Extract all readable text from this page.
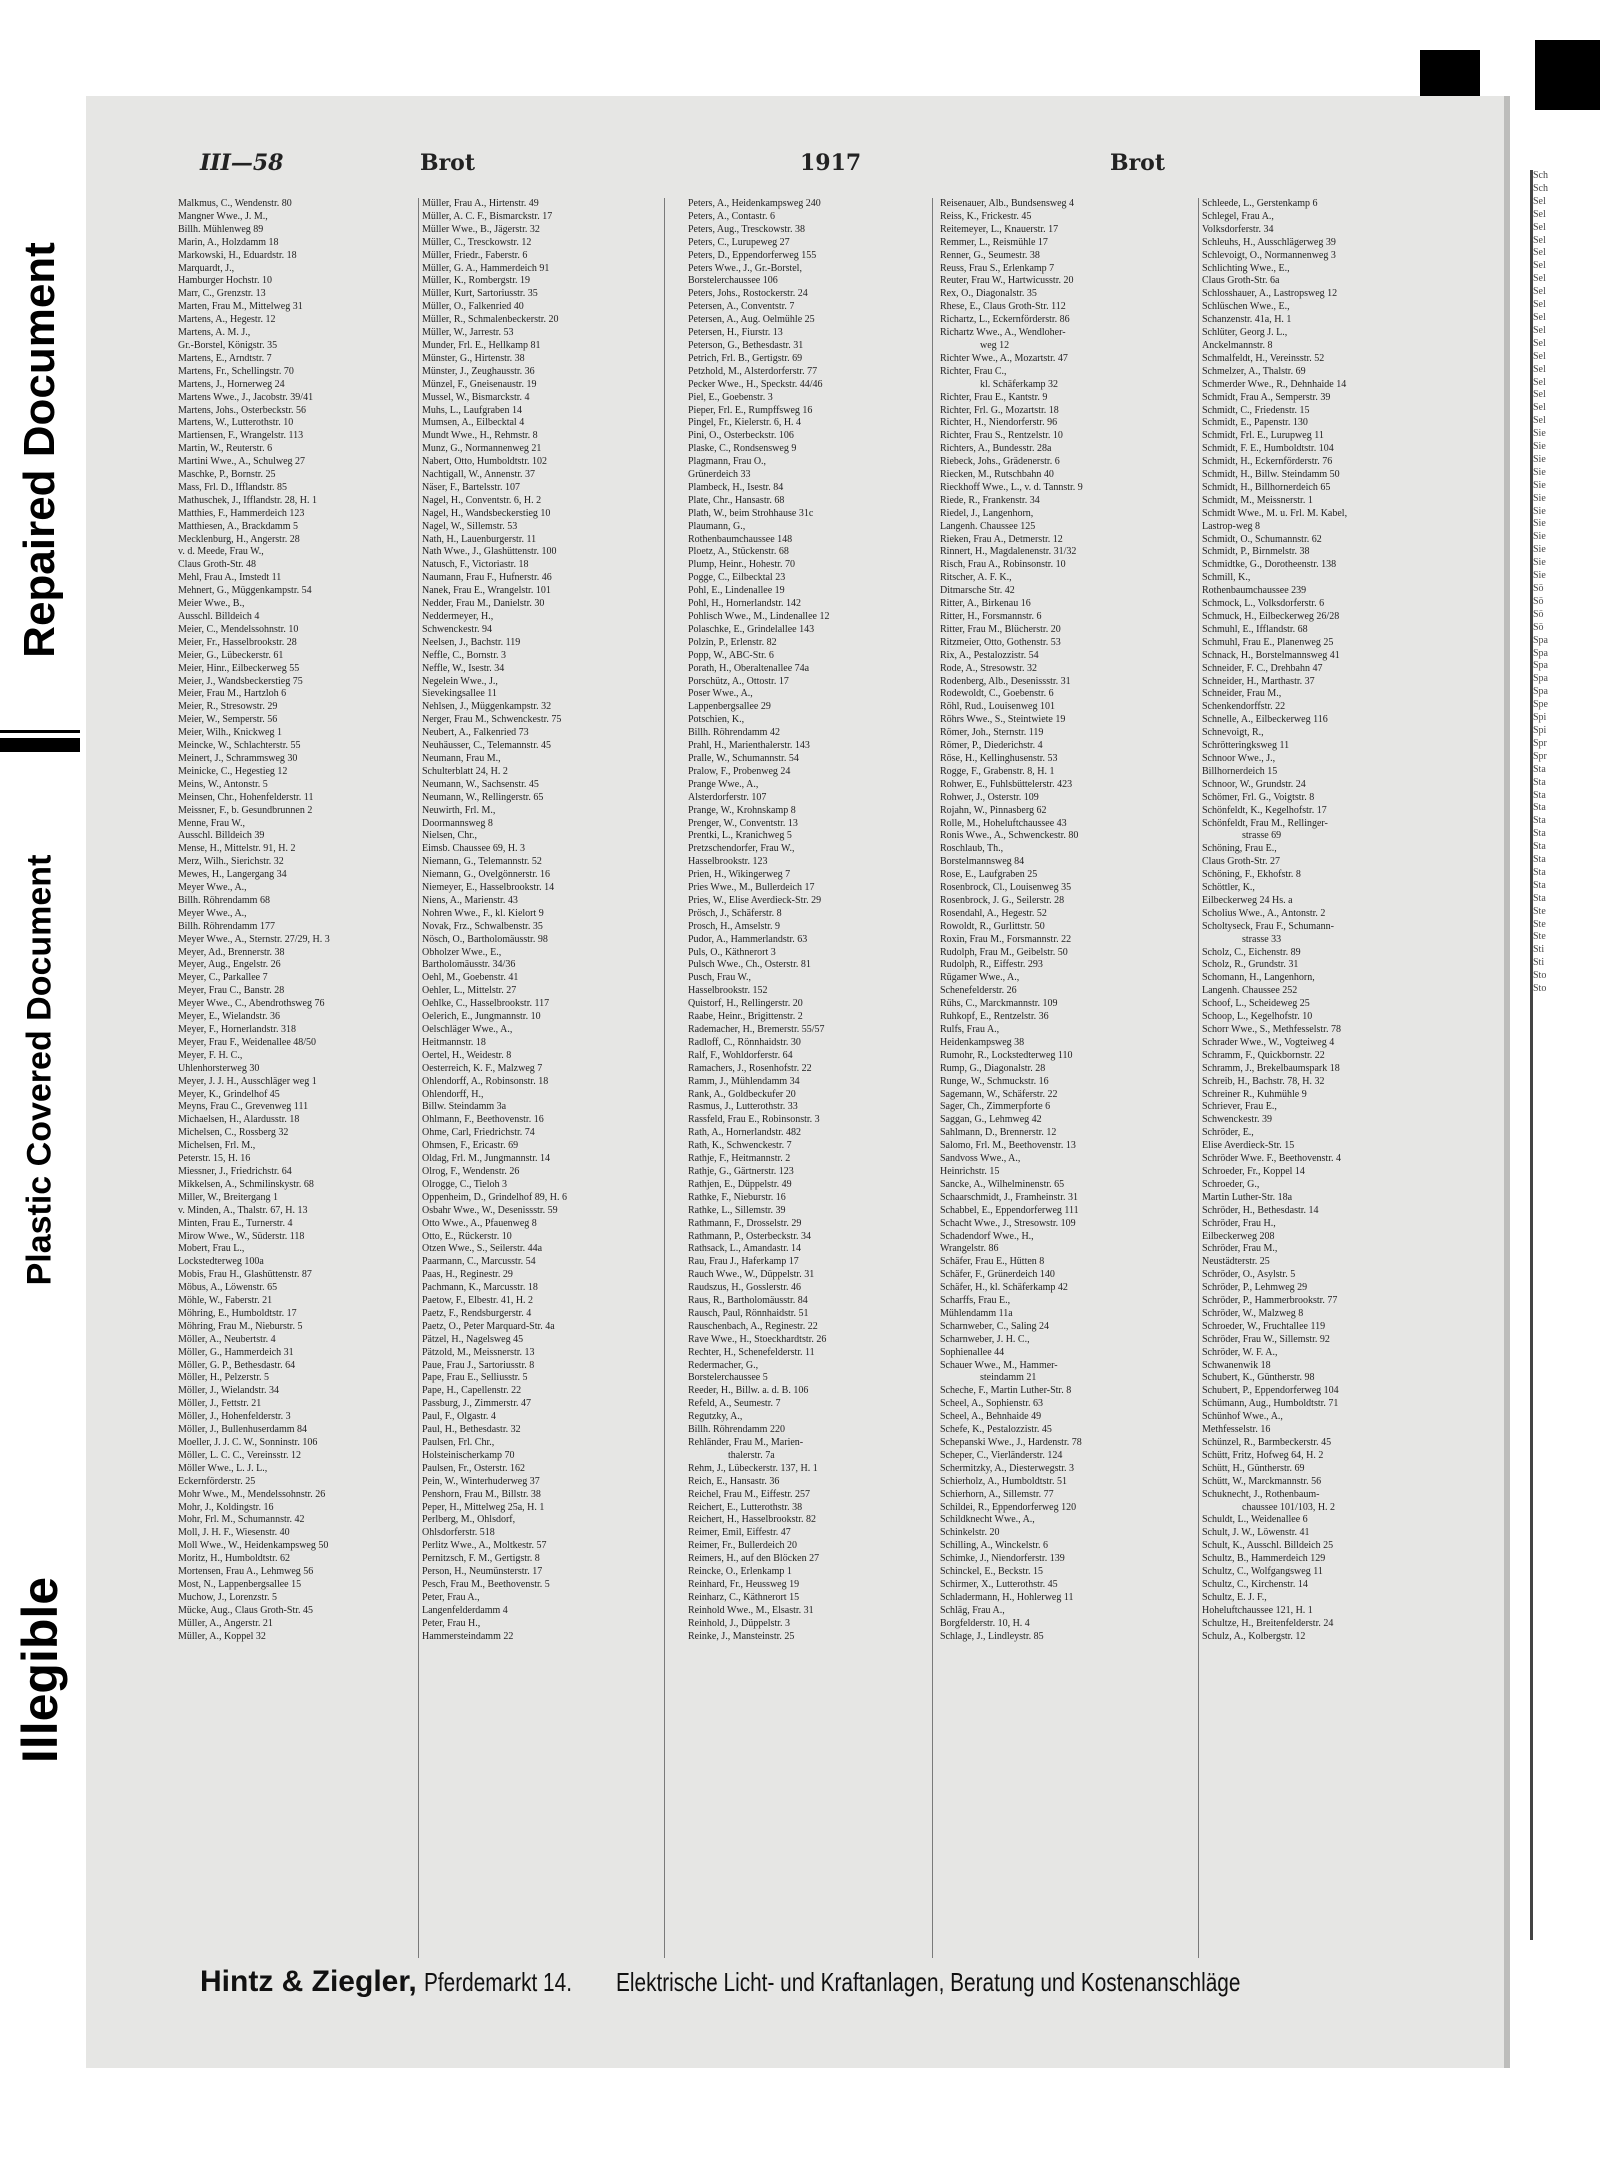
Repaired Document
Plastic Covered Document
Illegible
III—58	Brot	1917	Brot
Malkmus, C., Wendenstr. 80
Mangner Wwe., J. M.,
Billh. Mühlenweg 89
Marin, A., Holzdamm 18
Markowski, H., Eduardstr. 18
Marquardt, J.,
Hamburger Hochstr. 10
Marr, C., Grenzstr. 13
Marten, Frau M., Mittelweg 31
Martens, A., Hegestr. 12
Martens, A. M. J.,
Gr.-Borstel, Königstr. 35
Martens, E., Arndtstr. 7
Martens, Fr., Schellingstr. 70
Martens, J., Hornerweg 24
Martens Wwe., J., Jacobstr. 39/41
Martens, Johs., Osterbeckstr. 56
Martens, W., Lutterothstr. 10
Martiensen, F., Wrangelstr. 113
Martin, W., Reuterstr. 6
Martini Wwe., A., Schulweg 27
Maschke, P., Bornstr. 25
Mass, Frl. D., Ifflandstr. 85
Mathuschek, J., Ifflandstr. 28, H. 1
Matthies, F., Hammerdeich 123
Matthiesen, A., Brackdamm 5
Mecklenburg, H., Angerstr. 28
v. d. Meede, Frau W.,
Claus Groth-Str. 48
Mehl, Frau A., Imstedt 11
Mehnert, G., Müggenkampstr. 54
Meier Wwe., B.,
Ausschl. Billdeich 4
Meier, C., Mendelssohnstr. 10
Meier, Fr., Hasselbrookstr. 28
Meier, G., Lübeckerstr. 61
Meier, Hinr., Eilbeckerweg 55
Meier, J., Wandsbeckerstieg 75
Meier, Frau M., Hartzloh 6
Meier, R., Stresowstr. 29
Meier, W., Semperstr. 56
Meier, Wilh., Knickweg 1
Meincke, W., Schlachterstr. 55
Meinert, J., Schrammsweg 30
Meinicke, C., Hegestieg 12
Meins, W., Antonstr. 5
Meinsen, Chr., Hohenfelderstr. 11
Meissner, F., b. Gesundbrunnen 2
Menne, Frau W.,
Ausschl. Billdeich 39
Mense, H., Mittelstr. 91, H. 2
Merz, Wilh., Sierichstr. 32
Mewes, H., Langergang 34
Meyer Wwe., A.,
Billh. Röhrendamm 68
Meyer Wwe., A.,
Billh. Röhrendamm 177
Meyer Wwe., A., Sternstr. 27/29, H. 3
Meyer, Ad., Brennerstr. 38
Meyer, Aug., Engelstr. 26
Meyer, C., Parkallee 7
Meyer, Frau C., Banstr. 28
Meyer Wwe., C., Abendrothsweg 76
Meyer, E., Wielandstr. 36
Meyer, F., Hornerlandstr. 318
Meyer, Frau F., Weidenallee 48/50
Meyer, F. H. C.,
Uhlenhorsterweg 30
Meyer, J. J. H., Ausschläger weg 1
Meyer, K., Grindelhof 45
Meyns, Frau C., Grevenweg 111
Michaelsen, H., Alardusstr. 18
Michelsen, C., Rossberg 32
Michelsen, Frl. M.,
Peterstr. 15, H. 16
Miessner, J., Friedrichstr. 64
Mikkelsen, A., Schmilinskystr. 68
Miller, W., Breitergang 1
v. Minden, A., Thalstr. 67, H. 13
Minten, Frau E., Turnerstr. 4
Mirow Wwe., W., Süderstr. 118
Mobert, Frau L.,
Lockstedterweg 100a
Mobis, Frau H., Glashüttenstr. 87
Möbus, A., Löwenstr. 65
Möhle, W., Faberstr. 21
Möhring, E., Humboldtstr. 17
Möhring, Frau M., Nieburstr. 5
Möller, A., Neubertstr. 4
Möller, G., Hammerdeich 31
Möller, G. P., Bethesdastr. 64
Möller, H., Pelzerstr. 5
Möller, J., Wielandstr. 34
Möller, J., Fettstr. 21
Möller, J., Hohenfelderstr. 3
Möller, J., Bullenhuserdamm 84
Moeller, J. J. C. W., Sonninstr. 106
Möller, L. C. C., Vereinsstr. 12
Möller Wwe., L. J. L.,
Eckernförderstr. 25
Mohr Wwe., M., Mendelssohnstr. 26
Mohr, J., Koldingstr. 16
Mohr, Frl. M., Schumannstr. 42
Moll, J. H. F., Wiesenstr. 40
Moll Wwe., W., Heidenkampsweg 50
Moritz, H., Humboldtstr. 62
Mortensen, Frau A., Lehmweg 56
Most, N., Lappenbergsallee 15
Muchow, J., Lorenzstr. 5
Mücke, Aug., Claus Groth-Str. 45
Müller, A., Angerstr. 21
Müller, A., Koppel 32
Müller, Frau A., Hirtenstr. 49
Müller, A. C. F., Bismarckstr. 17
Müller Wwe., B., Jägerstr. 32
Müller, C., Tresckowstr. 12
Müller, Friedr., Faberstr. 6
Müller, G. A., Hammerdeich 91
Müller, K., Rombergstr. 19
Müller, Kurt, Sartoriusstr. 35
Müller, O., Falkenried 40
Müller, R., Schmalenbeckerstr. 20
Müller, W., Jarrestr. 53
Munder, Frl. E., Hellkamp 81
Münster, G., Hirtenstr. 38
Münster, J., Zeughausstr. 36
Münzel, F., Gneisenaustr. 19
Mussel, W., Bismarckstr. 4
Muhs, L., Laufgraben 14
Mumsen, A., Eilbecktal 4
Mundt Wwe., H., Rehmstr. 8
Munz, G., Normannenweg 21
Nabert, Otto, Humboldtstr. 102
Nachtigall, W., Annenstr. 37
Näser, F., Bartelsstr. 107
Nagel, H., Conventstr. 6, H. 2
Nagel, H., Wandsbeckerstieg 10
Nagel, W., Sillemstr. 53
Nath, H., Lauenburgerstr. 11
Nath Wwe., J., Glashüttenstr. 100
Natusch, F., Victoriastr. 18
Naumann, Frau F., Hufnerstr. 46
Nanek, Frau E., Wrangelstr. 101
Nedder, Frau M., Danielstr. 30
Neddermeyer, H.,
Schwenckestr. 94
Neelsen, J., Bachstr. 119
Neffle, C., Bornstr. 3
Neffle, W., Isestr. 34
Negelein Wwe., J.,
Sievekingsallee 11
Nehlsen, J., Müggenkampstr. 32
Nerger, Frau M., Schwenckestr. 75
Neubert, A., Falkenried 73
Neuhäusser, C., Telemannstr. 45
Neumann, Frau M.,
Schulterblatt 24, H. 2
Neumann, W., Sachsenstr. 45
Neumann, W., Rellingerstr. 65
Neuwirth, Frl. M.,
Doormannsweg 8
Nielsen, Chr.,
Eimsb. Chaussee 69, H. 3
Niemann, G., Telemannstr. 52
Niemann, G., Ovelgönnerstr. 16
Niemeyer, E., Hasselbrookstr. 14
Niens, A., Marienstr. 43
Nohren Wwe., F., kl. Kielort 9
Novak, Frz., Schwalbenstr. 35
Nösch, O., Bartholomäusstr. 98
Obholzer Wwe., E.,
Bartholomäusstr. 34/36
Oehl, M., Goebenstr. 41
Oehler, L., Mittelstr. 27
Oehlke, C., Hasselbrookstr. 117
Oelerich, E., Jungmannstr. 10
Oelschläger Wwe., A.,
Heitmannstr. 18
Oertel, H., Weidestr. 8
Oesterreich, K. F., Malzweg 7
Ohlendorff, A., Robinsonstr. 18
Ohlendorff, H.,
Billw. Steindamm 3a
Ohlmann, F., Beethovenstr. 16
Ohme, Carl, Friedrichstr. 74
Ohmsen, F., Ericastr. 69
Oldag, Frl. M., Jungmannstr. 14
Olrog, F., Wendenstr. 26
Olrogge, C., Tieloh 3
Oppenheim, D., Grindelhof 89, H. 6
Osbahr Wwe., W., Desenissstr. 59
Otto Wwe., A., Pfauenweg 8
Otto, E., Rückerstr. 10
Otzen Wwe., S., Seilerstr. 44a
Paarmann, C., Marcusstr. 54
Paas, H., Reginestr. 29
Pachmann, K., Marcusstr. 18
Paetow, F., Elbestr. 41, H. 2
Paetz, F., Rendsburgerstr. 4
Paetz, O., Peter Marquard-Str. 4a
Pätzel, H., Nagelsweg 45
Pätzold, M., Meissnerstr. 13
Paue, Frau J., Sartoriusstr. 8
Pape, Frau E., Selliusstr. 5
Pape, H., Capellenstr. 22
Passburg, J., Zimmerstr. 47
Paul, F., Olgastr. 4
Paul, H., Bethesdastr. 32
Paulsen, Frl. Chr.,
Holsteinischerkamp 70
Paulsen, Fr., Osterstr. 162
Pein, W., Winterhuderweg 37
Penshorn, Frau M., Billstr. 38
Peper, H., Mittelweg 25a, H. 1
Perlberg, M., Ohlsdorf,
Ohlsdorferstr. 518
Perlitz Wwe., A., Moltkestr. 57
Pernitzsch, F. M., Gertigstr. 8
Person, H., Neumünsterstr. 17
Pesch, Frau M., Beethovenstr. 5
Peter, Frau A.,
Langenfelderdamm 4
Peter, Frau H.,
Hammersteindamm 22
Peters, A., Heidenkampsweg 240
Peters, A., Contastr. 6
Peters, Aug., Tresckowstr. 38
Peters, C., Lurupeweg 27
Peters, D., Eppendorferweg 155
Peters Wwe., J., Gr.-Borstel,
Borstelerchaussee 106
Peters, Johs., Rostockerstr. 24
Petersen, A., Conventstr. 7
Petersen, A., Aug. Oelmühle 25
Petersen, H., Fiurstr. 13
Peterson, G., Bethesdastr. 31
Petrich, Frl. B., Gertigstr. 69
Petzhold, M., Alsterdorferstr. 77
Pecker Wwe., H., Speckstr. 44/46
Piel, E., Goebenstr. 3
Pieper, Frl. E., Rumpffsweg 16
Pingel, Fr., Kielerstr. 6, H. 4
Pini, O., Osterbeckstr. 106
Plaske, C., Rondsensweg 9
Plagmann, Frau O.,
Grünerdeich 33
Plambeck, H., Isestr. 84
Plate, Chr., Hansastr. 68
Plath, W., beim Strohhause 31c
Plaumann, G.,
Rothenbaumchaussee 148
Ploetz, A., Stückenstr. 68
Plump, Heinr., Hohestr. 70
Pogge, C., Eilbecktal 23
Pohl, E., Lindenallee 19
Pohl, H., Hornerlandstr. 142
Pohlisch Wwe., M., Lindenallee 12
Polaschke, E., Grindelallee 143
Polzin, P., Erlenstr. 82
Popp, W., ABC-Str. 6
Porath, H., Oberaltenallee 74a
Porschütz, A., Ottostr. 17
Poser Wwe., A.,
Lappenbergsallee 29
Potschien, K.,
Billh. Röhrendamm 42
Prahl, H., Marienthalerstr. 143
Pralle, W., Schumannstr. 54
Pralow, F., Probenweg 24
Prange Wwe., A.,
Alsterdorferstr. 107
Prange, W., Krohnskamp 8
Prenger, W., Conventstr. 13
Prentki, L., Kranichweg 5
Pretzschendorfer, Frau W.,
Hasselbrookstr. 123
Prien, H., Wikingerweg 7
Pries Wwe., M., Bullerdeich 17
Pries, W., Elise Averdieck-Str. 29
Prösch, J., Schäferstr. 8
Prosch, H., Amselstr. 9
Pudor, A., Hammerlandstr. 63
Puls, O., Käthnerort 3
Pulsch Wwe., Ch., Osterstr. 81
Pusch, Frau W.,
Hasselbrookstr. 152
Quistorf, H., Rellingerstr. 20
Raabe, Heinr., Brigittenstr. 2
Rademacher, H., Bremerstr. 55/57
Radloff, C., Rönnhaidstr. 30
Ralf, F., Wohldorferstr. 64
Ramachers, J., Rosenhofstr. 22
Ramm, J., Mühlendamm 34
Rank, A., Goldbeckufer 20
Rasmus, J., Lutterothstr. 33
Rassfeld, Frau E., Robinsonstr. 3
Rath, A., Hornerlandstr. 482
Rath, K., Schwenckestr. 7
Rathje, F., Heitmannstr. 2
Rathje, G., Gärtnerstr. 123
Rathjen, E., Düppelstr. 49
Rathke, F., Nieburstr. 16
Rathke, L., Sillemstr. 39
Rathmann, F., Drosselstr. 29
Rathmann, P., Osterbeckstr. 34
Rathsack, L., Amandastr. 14
Rau, Frau J., Haferkamp 17
Rauch Wwe., W., Düppelstr. 31
Raudszus, H., Gosslerstr. 46
Raus, R., Bartholomäusstr. 84
Rausch, Paul, Rönnhaidstr. 51
Rauschenbach, A., Reginestr. 22
Rave Wwe., H., Stoeckhardtstr. 26
Rechter, H., Schenefelderstr. 11
Redermacher, G.,
Borstelerchaussee 5
Reeder, H., Billw. a. d. B. 106
Refeld, A., Seumestr. 7
Regutzky, A.,
Billh. Röhrendamm 220
Rehländer, Frau M., Marien-
thalerstr. 7a
Rehm, J., Lübeckerstr. 137, H. 1
Reich, E., Hansastr. 36
Reichel, Frau M., Eiffestr. 257
Reichert, E., Lutterothstr. 38
Reichert, H., Hasselbrookstr. 82
Reimer, Emil, Eiffestr. 47
Reimer, Fr., Bullerdeich 20
Reimers, H., auf den Blöcken 27
Reincke, O., Erlenkamp 1
Reinhard, Fr., Heussweg 19
Reinharz, C., Käthnerort 15
Reinhold Wwe., M., Elsastr. 31
Reinhold, J., Düppelstr. 3
Reinke, J., Mansteinstr. 25
Reisenauer, Alb., Bundsensweg 4
Reiss, K., Frickestr. 45
Reitemeyer, L., Knauerstr. 17
Remmer, L., Reismühle 17
Renner, G., Seumestr. 38
Reuss, Frau S., Erlenkamp 7
Reuter, Frau W., Hartwicusstr. 20
Rex, O., Diagonalstr. 35
Rhese, E., Claus Groth-Str. 112
Richartz, L., Eckernförderstr. 86
Richartz Wwe., A., Wendloher-
weg 12
Richter Wwe., A., Mozartstr. 47
Richter, Frau C.,
kl. Schäferkamp 32
Richter, Frau E., Kantstr. 9
Richter, Frl. G., Mozartstr. 18
Richter, H., Niendorferstr. 96
Richter, Frau S., Rentzelstr. 10
Richters, A., Bundesstr. 28a
Riebeck, Johs., Grädenerstr. 6
Riecken, M., Rutschbahn 40
Rieckhoff Wwe., L., v. d. Tannstr. 9
Riede, R., Frankenstr. 34
Riedel, J., Langenhorn,
Langenh. Chaussee 125
Rieken, Frau A., Detmerstr. 12
Rinnert, H., Magdalenenstr. 31/32
Risch, Frau A., Robinsonstr. 10
Ritscher, A. F. K.,
Ditmarsche Str. 42
Ritter, A., Birkenau 16
Ritter, H., Forsmannstr. 6
Ritter, Frau M., Blücherstr. 20
Ritzmeier, Otto, Gothenstr. 53
Rix, A., Pestalozzistr. 54
Rode, A., Stresowstr. 32
Rodenberg, Alb., Desenissstr. 31
Rodewoldt, C., Goebenstr. 6
Röhl, Rud., Louisenweg 101
Röhrs Wwe., S., Steintwiete 19
Römer, Joh., Sternstr. 119
Römer, P., Diederichstr. 4
Röse, H., Kellinghusenstr. 53
Rogge, F., Grabenstr. 8, H. 1
Rohwer, E., Fuhlsbüttelerstr. 423
Rohwer, J., Osterstr. 109
Rojahn, W., Pinnasberg 62
Rolle, M., Hoheluftchaussee 43
Ronis Wwe., A., Schwenckestr. 80
Roschlaub, Th.,
Borstelmannsweg 84
Rose, E., Laufgraben 25
Rosenbrock, Cl., Louisenweg 35
Rosenbrock, J. G., Seilerstr. 28
Rosendahl, A., Hegestr. 52
Rowoldt, R., Gurlittstr. 50
Roxin, Frau M., Forsmannstr. 22
Rudolph, Frau M., Geibelstr. 50
Rudolph, R., Eiffestr. 293
Rügamer Wwe., A.,
Schenefelderstr. 26
Rühs, C., Marckmannstr. 109
Ruhkopf, E., Rentzelstr. 36
Rulfs, Frau A.,
Heidenkampsweg 38
Rumohr, R., Lockstedterweg 110
Rump, G., Diagonalstr. 28
Runge, W., Schmuckstr. 16
Sagemann, W., Schäferstr. 22
Sager, Ch., Zimmerpforte 6
Saggan, G., Lehmweg 42
Sahlmann, D., Brennerstr. 12
Salomo, Frl. M., Beethovenstr. 13
Sandvoss Wwe., A.,
Heinrichstr. 15
Sancke, A., Wilhelminenstr. 65
Schaarschmidt, J., Framheinstr. 31
Schabbel, E., Eppendorferweg 111
Schacht Wwe., J., Stresowstr. 109
Schadendorf Wwe., H.,
Wrangelstr. 86
Schäfer, Frau E., Hütten 8
Schäfer, F., Grünerdeich 140
Schäfer, H., kl. Schäferkamp 42
Scharffs, Frau E.,
Mühlendamm 11a
Scharnweber, C., Saling 24
Scharnweber, J. H. C.,
Sophienallee 44
Schauer Wwe., M., Hammer-
steindamm 21
Scheche, F., Martin Luther-Str. 8
Scheel, A., Sophienstr. 63
Scheel, A., Behnhaide 49
Schefe, K., Pestalozzistr. 45
Schepanski Wwe., J., Hardenstr. 78
Scheper, C., Vierländerstr. 124
Schermitzky, A., Diesterwegstr. 3
Schierholz, A., Humboldtstr. 51
Schierhorn, A., Sillemstr. 77
Schildei, R., Eppendorferweg 120
Schildknecht Wwe., A.,
Schinkelstr. 20
Schilling, A., Winckelstr. 6
Schimke, J., Niendorferstr. 139
Schinckel, E., Beckstr. 15
Schirmer, X., Lutterothstr. 45
Schladermann, H., Hohlerweg 11
Schläg, Frau A.,
Borgfelderstr. 10, H. 4
Schlage, J., Lindleystr. 85
Schleede, L., Gerstenkamp 6
Schlegel, Frau A.,
Volksdorferstr. 34
Schleuhs, H., Ausschlägerweg 39
Schlevoigt, O., Normannenweg 3
Schlichting Wwe., E.,
Claus Groth-Str. 6a
Schlosshauer, A., Lastropsweg 12
Schlüschen Wwe., E.,
Schanzenstr. 41a, H. 1
Schlüter, Georg J. L.,
Anckelmannstr. 8
Schmalfeldt, H., Vereinsstr. 52
Schmelzer, A., Thalstr. 69
Schmerder Wwe., R., Dehnhaide 14
Schmidt, Frau A., Semperstr. 39
Schmidt, C., Friedenstr. 15
Schmidt, E., Papenstr. 130
Schmidt, Frl. E., Lurupweg 11
Schmidt, F. E., Humboldtstr. 104
Schmidt, H., Eckernförderstr. 76
Schmidt, H., Billw. Steindamm 50
Schmidt, H., Billhornerdeich 65
Schmidt, M., Meissnerstr. 1
Schmidt Wwe., M. u. Frl. M. Kabel,
Lastrop-weg 8
Schmidt, O., Schumannstr. 62
Schmidt, P., Birnmelstr. 38
Schmidtke, G., Dorotheenstr. 138
Schmill, K.,
Rothenbaumchaussee 239
Schmock, L., Volksdorferstr. 6
Schmuck, H., Eilbeckerweg 26/28
Schmuhl, E., Ifflandstr. 68
Schmuhl, Frau E., Planenweg 25
Schnack, H., Borstelmannsweg 41
Schneider, F. C., Drehbahn 47
Schneider, H., Marthastr. 37
Schneider, Frau M.,
Schenkendorffstr. 22
Schnelle, A., Eilbeckerweg 116
Schnevoigt, R.,
Schrötteringksweg 11
Schnoor Wwe., J.,
Billhornerdeich 15
Schnoor, W., Grundstr. 24
Schömer, Frl. G., Voigtstr. 8
Schönfeldt, K., Kegelhofstr. 17
Schönfeldt, Frau M., Rellinger-
strasse 69
Schöning, Frau E.,
Claus Groth-Str. 27
Schöning, F., Ekhofstr. 8
Schöttler, K.,
Eilbeckerweg 24 Hs. a
Scholius Wwe., A., Antonstr. 2
Scholtyseck, Frau F., Schumann-
strasse 33
Scholz, C., Eichenstr. 89
Scholz, R., Grundstr. 31
Schomann, H., Langenhorn,
Langenh. Chaussee 252
Schoof, L., Scheideweg 25
Schoop, L., Kegelhofstr. 10
Schorr Wwe., S., Methfesselstr. 78
Schrader Wwe., W., Vogteiweg 4
Schramm, F., Quickbornstr. 22
Schramm, J., Brekelbaumspark 18
Schreib, H., Bachstr. 78, H. 32
Schreiner R., Kuhmühle 9
Schriever, Frau E.,
Schwenckestr. 39
Schröder, E.,
Elise Averdieck-Str. 15
Schröder Wwe. F., Beethovenstr. 4
Schroeder, Fr., Koppel 14
Schroeder, G.,
Martin Luther-Str. 18a
Schröder, H., Bethesdastr. 14
Schröder, Frau H.,
Eilbeckerweg 208
Schröder, Frau M.,
Neustädterstr. 25
Schröder, O., Asylstr. 5
Schröder, P., Lehmweg 29
Schröder, P., Hammerbrookstr. 77
Schröder, W., Malzweg 8
Schroeder, W., Fruchtallee 119
Schröder, Frau W., Sillemstr. 92
Schröder, W. F. A.,
Schwanenwik 18
Schubert, K., Güntherstr. 98
Schubert, P., Eppendorferweg 104
Schümann, Aug., Humboldtstr. 71
Schünhof Wwe., A.,
Methfesselstr. 16
Schünzel, R., Barmbeckerstr. 45
Schütt, Fritz, Hofweg 64, H. 2
Schütt, H., Güntherstr. 69
Schütt, W., Marckmannstr. 56
Schuknecht, J., Rothenbaum-
chaussee 101/103, H. 2
Schuldt, L., Weidenallee 6
Schult, J. W., Löwenstr. 41
Schult, K., Ausschl. Billdeich 25
Schultz, B., Hammerdeich 129
Schultz, C., Wolfgangsweg 11
Schultz, C., Kirchenstr. 14
Schultz, E. J. F.,
Hoheluftchaussee 121, H. 1
Schultze, H., Breitenfelderstr. 24
Schulz, A., Kolbergstr. 12
Hintz & Ziegler, Pferdemarkt 14. Elektrische Licht- und Kraftanlagen, Beratung und Kostenanschläge
Sch
Sch
Sel
Sel
Sel
Sel
Sel
Sel
Sel
Sel
Sel
Sel
Sel
Sel
Sel
Sel
Sel
Sel
Sel
Sel
Sie
Sie
Sie
Sie
Sie
Sie
Sie
Sie
Sie
Sie
Sie
Sie
Sö
Sö
Sö
Sö
Spa
Spa
Spa
Spa
Spa
Spe
Spi
Spi
Spr
Spr
Sta
Sta
Sta
Sta
Sta
Sta
Sta
Sta
Sta
Sta
Sta
Ste
Ste
Ste
Sti
Sti
Sto
Sto
